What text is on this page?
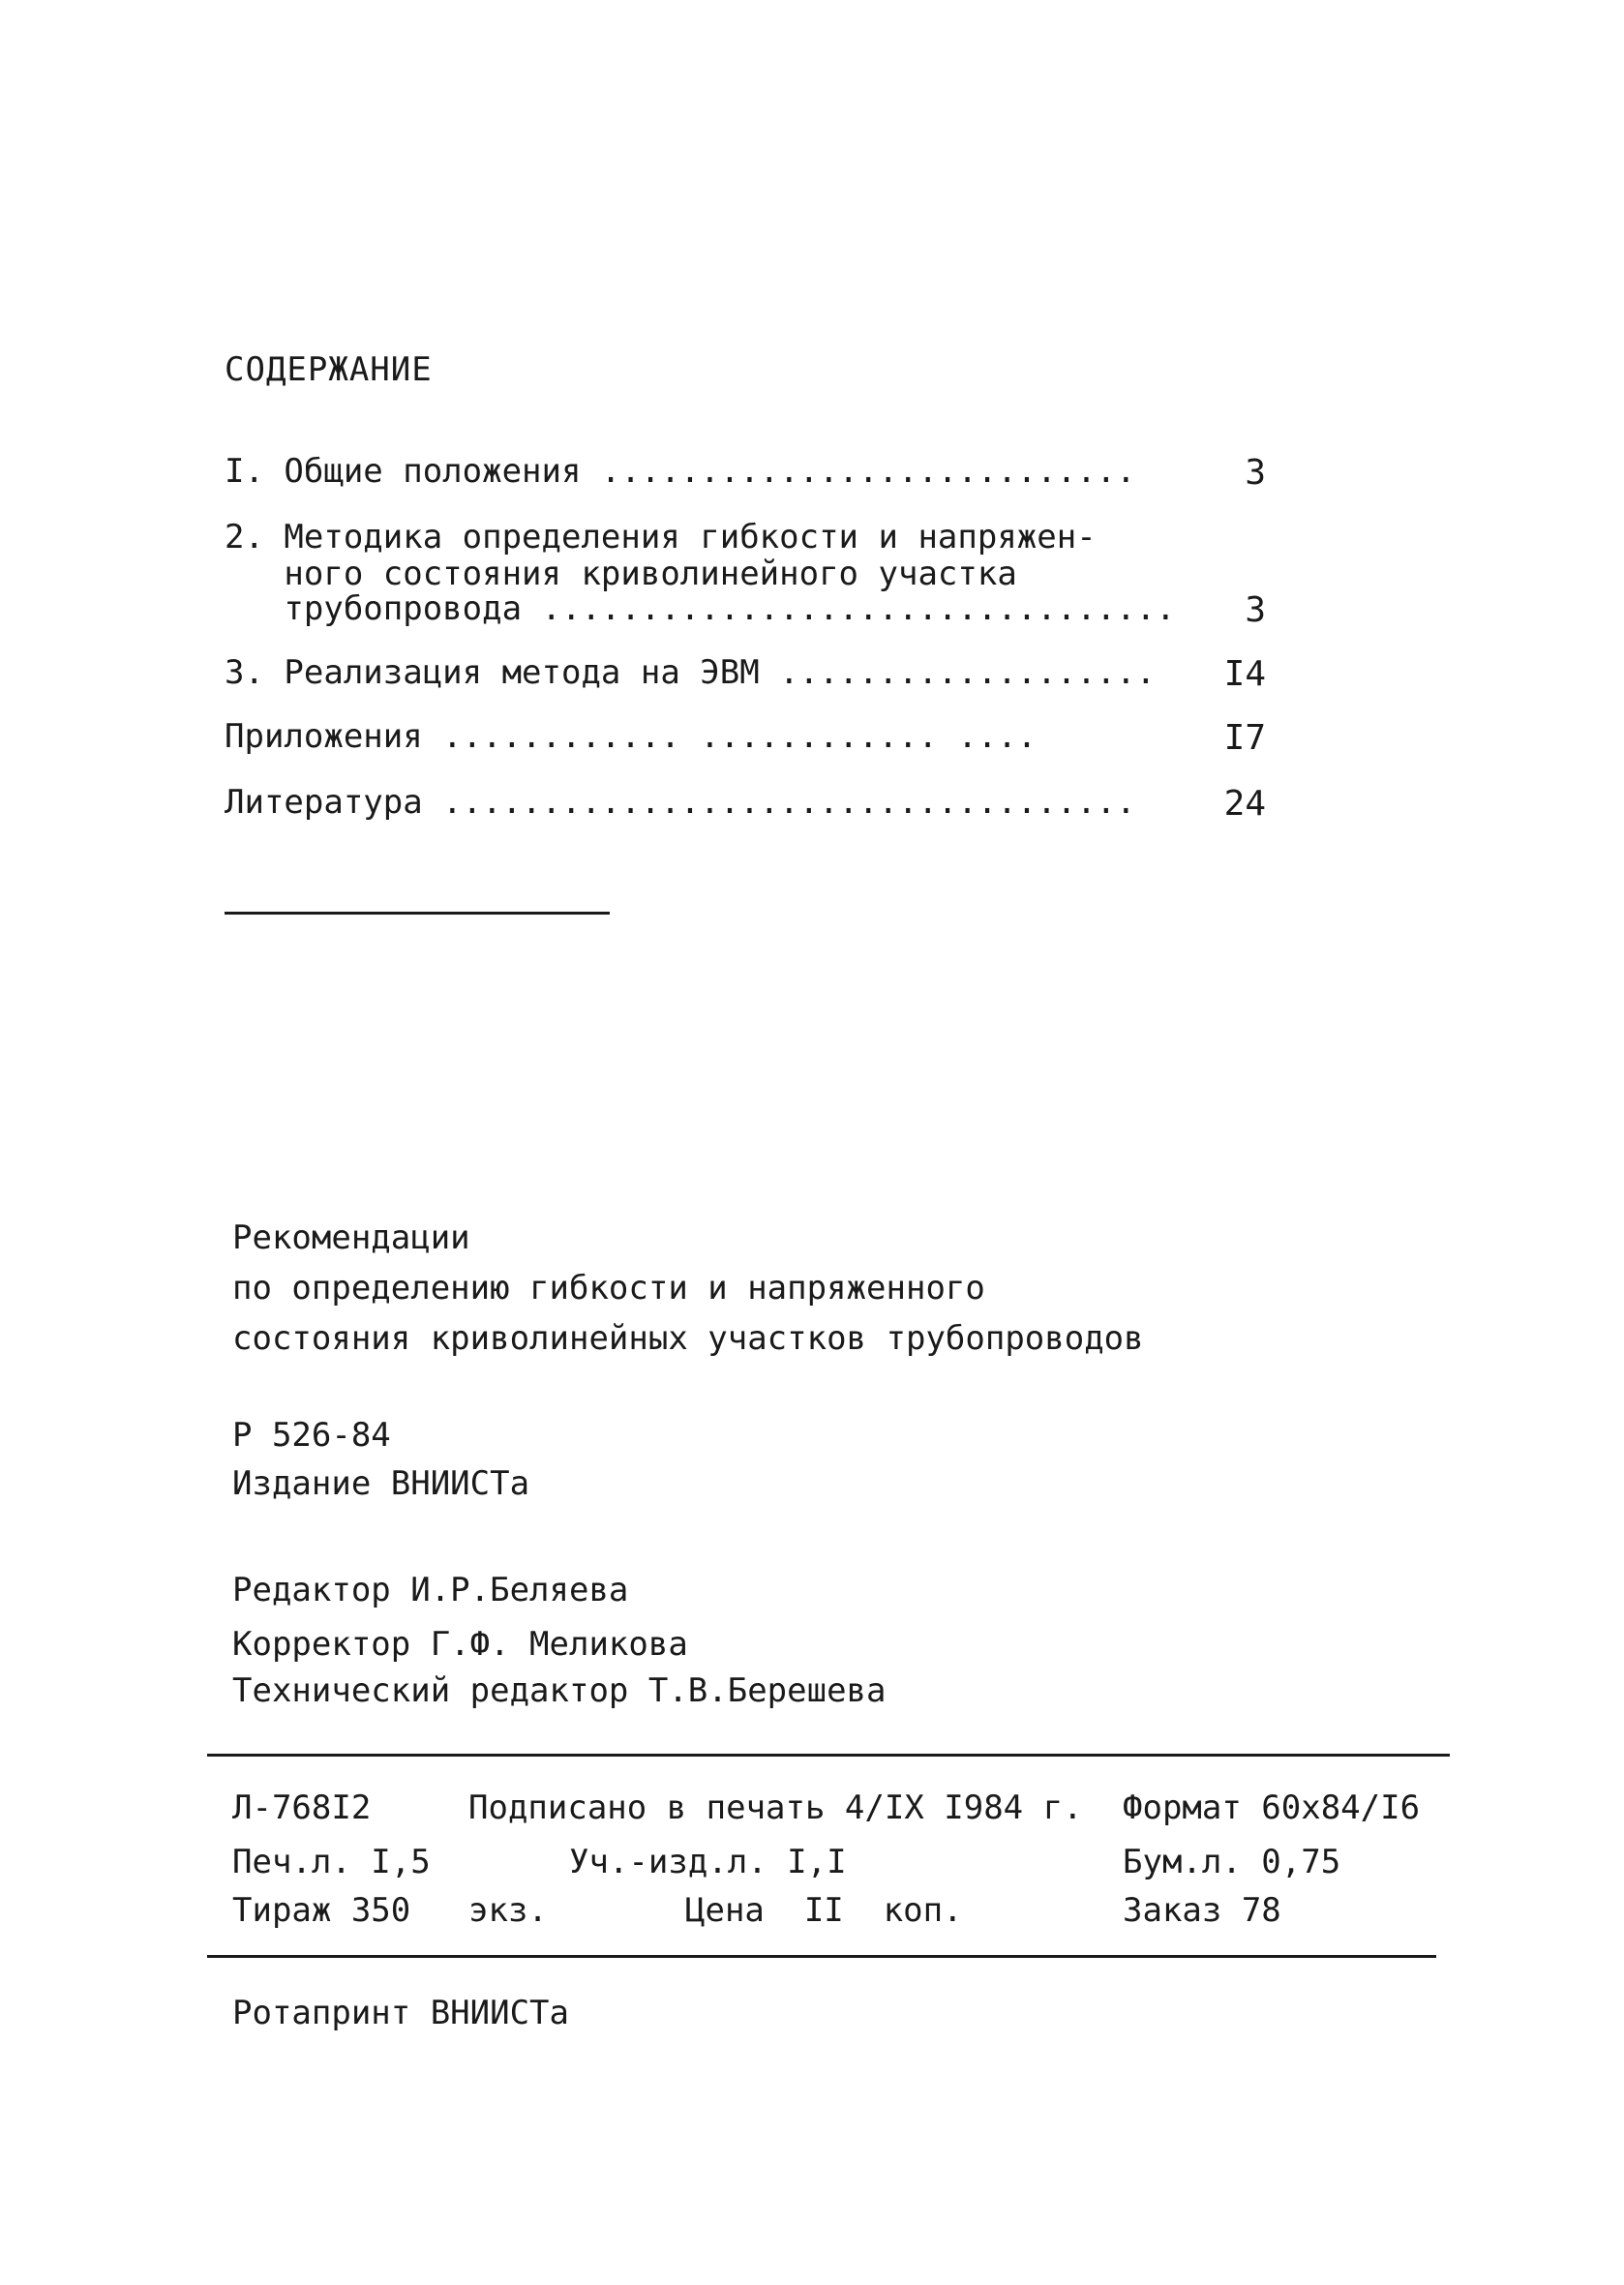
СОДЕРЖАНИЕ
I. Общие положения ...........................	3
2. Методика определения гибкости и напряжен-
ного состояния криволинейного участка
трубопровода ................................	3
3. Реализация метода на ЭВМ ...................	I4
Приложения ............ ............ ....	I7
Литература ...................................	24
Рекомендации
по определению гибкости и напряженного
состояния криволинейных участков трубопроводов
Р 526-84
Издание ВНИИСТа
Редактор И.Р.Беляева
Корректор Г.Ф. Меликова
Технический редактор Т.В.Берешева
Л-768I2	Подписано в печать 4/IX I984 г. Формат 60х84/I6
Печ.л. I,5	Уч.-изд.л. I,I	Бум.л. 0,75
Тираж 350 экз.	Цена  II  коп.	Заказ 78
Ротапринт ВНИИСТа
